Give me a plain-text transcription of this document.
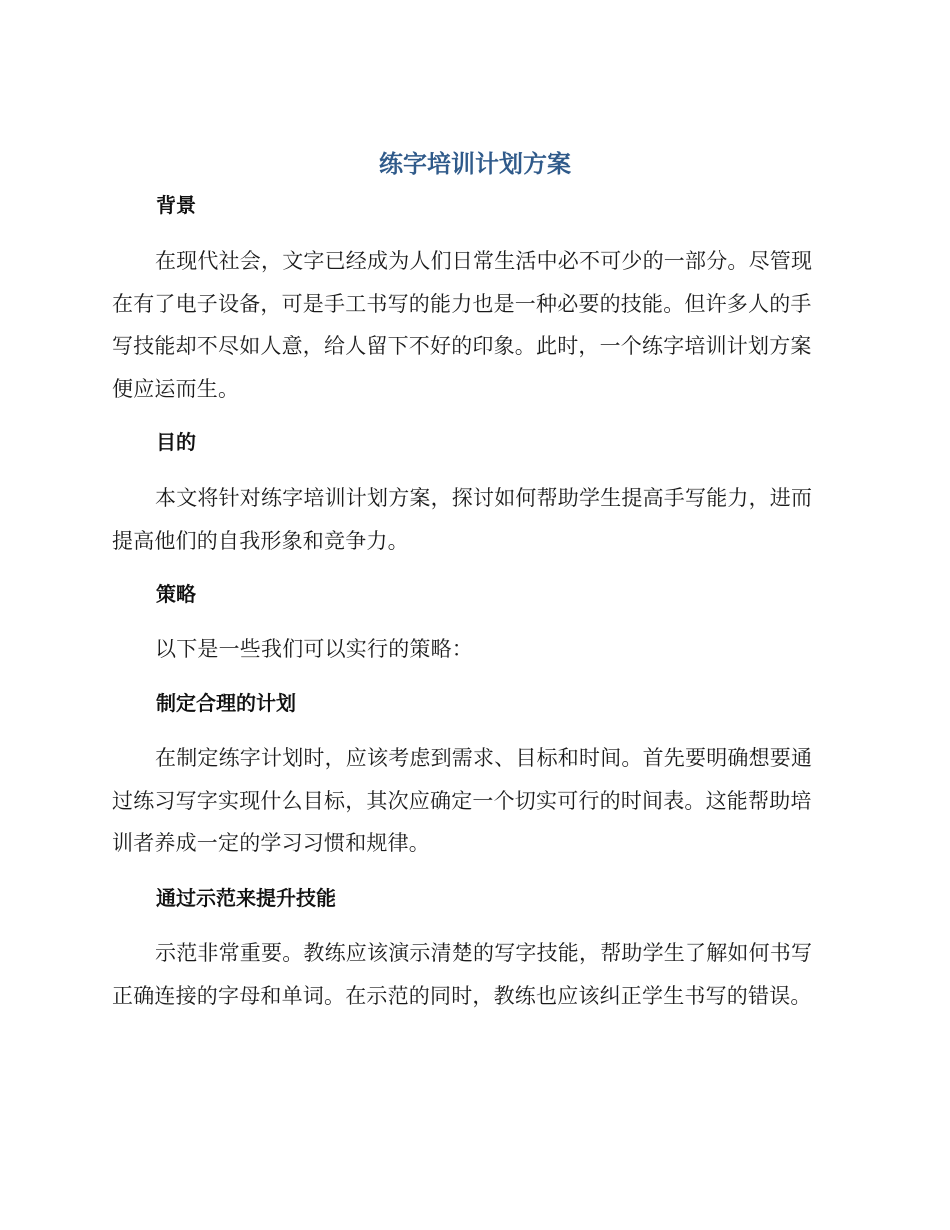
练字培训计划方案
背景

在现代社会，文字已经成为人们日常生活中必不可少的一部分。尽管现在有了电子设备，可是手工书写的能力也是一种必要的技能。但许多人的手写技能却不尽如人意，给人留下不好的印象。此时，一个练字培训计划方案便应运而生。

目的

本文将针对练字培训计划方案，探讨如何帮助学生提高手写能力，进而提高他们的自我形象和竞争力。

策略

以下是一些我们可以实行的策略：

制定合理的计划

在制定练字计划时，应该考虑到需求、目标和时间。首先要明确想要通过练习写字实现什么目标，其次应确定一个切实可行的时间表。这能帮助培训者养成一定的学习习惯和规律。

通过示范来提升技能

示范非常重要。教练应该演示清楚的写字技能，帮助学生了解如何书写正确连接的字母和单词。在示范的同时，教练也应该纠正学生书写的错误。
